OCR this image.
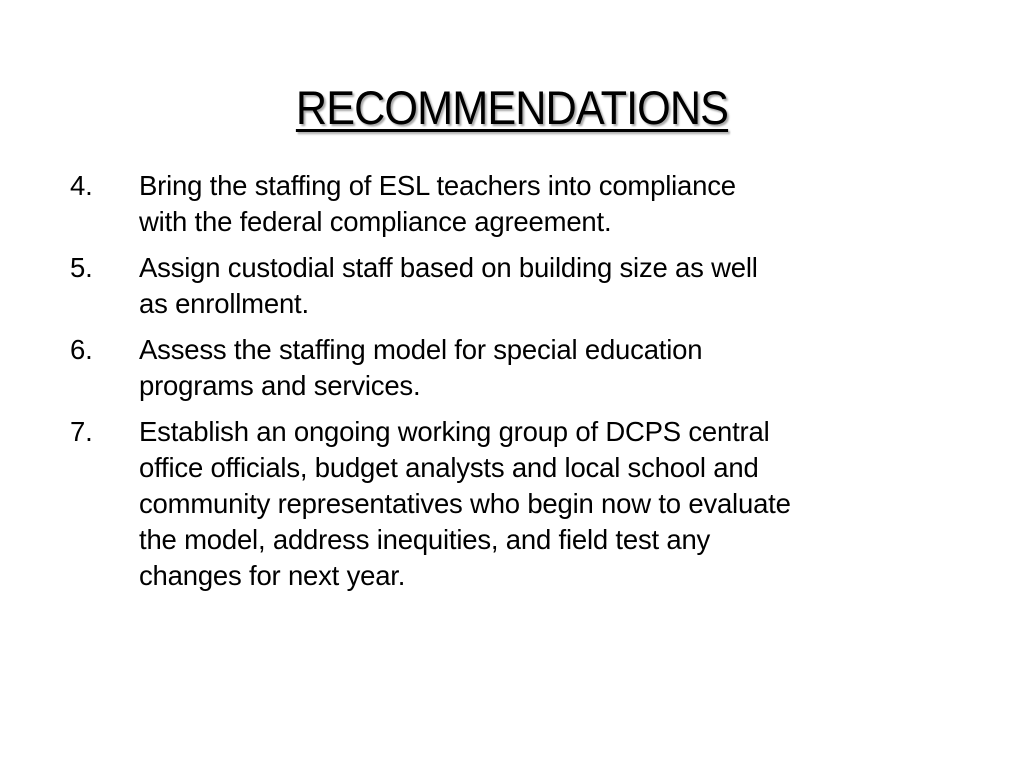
RECOMMENDATIONS
4.	Bring the staffing of ESL teachers into compliance
with the federal compliance agreement.
5.	Assign custodial staff based on building size as well
as enrollment.
6.	Assess the staffing model for special education
programs and services.
7.	Establish an ongoing working group of DCPS central
office officials, budget analysts and local school and
community representatives who begin now to evaluate
the model, address inequities, and field test any
changes for next year.
